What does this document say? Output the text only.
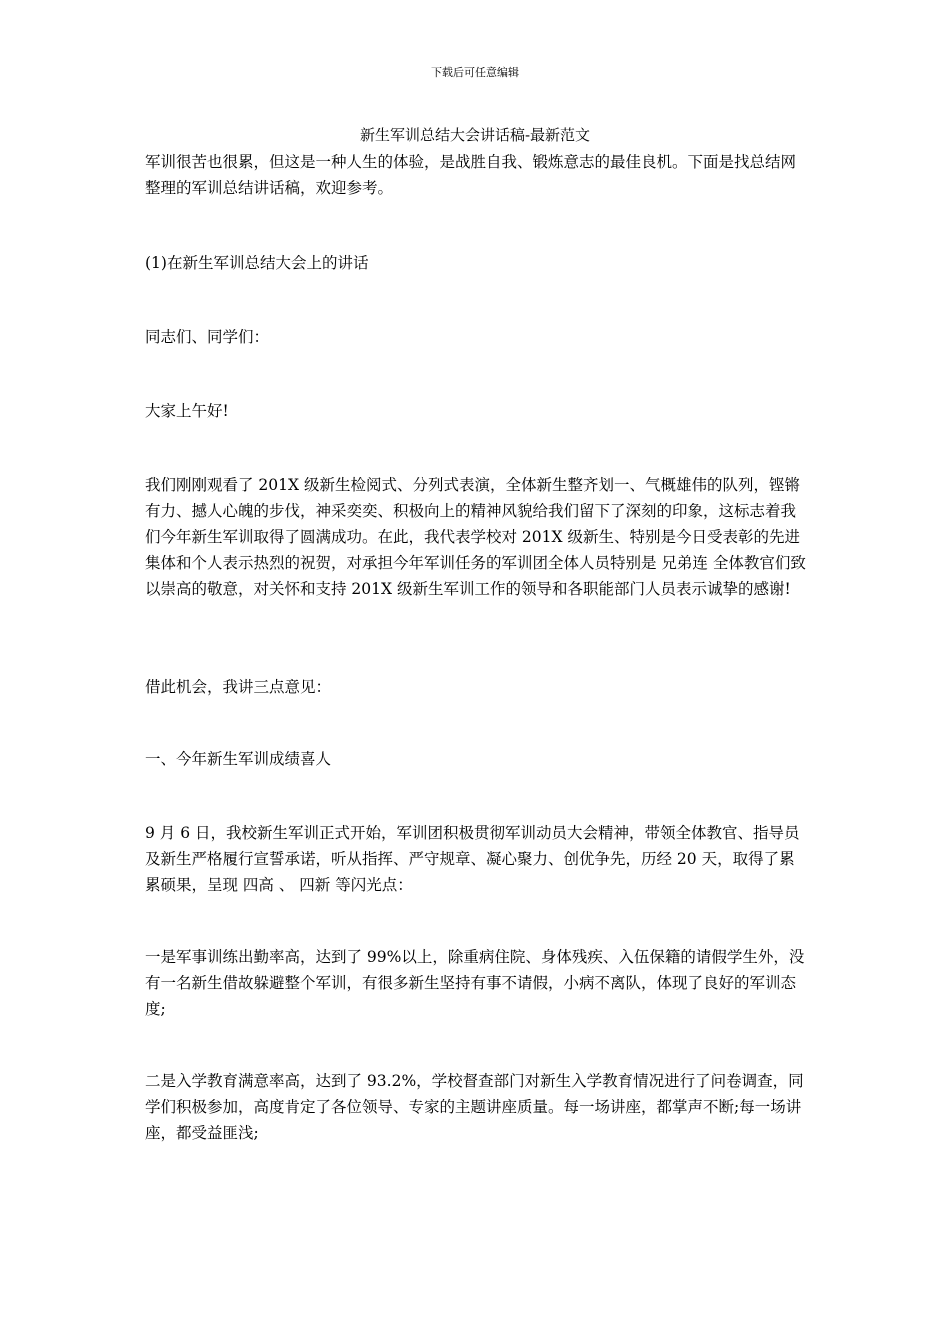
下载后可任意编辑
新生军训总结大会讲话稿-最新范文

军训很苦也很累，但这是一种人生的体验，是战胜自我、锻炼意志的最佳良机。下面是找总结网整理的军训总结讲话稿，欢迎参考。

(1)在新生军训总结大会上的讲话

同志们、同学们：

大家上午好!

我们刚刚观看了 201X 级新生检阅式、分列式表演，全体新生整齐划一、气概雄伟的队列，铿锵有力、撼人心魄的步伐，神采奕奕、积极向上的精神风貌给我们留下了深刻的印象，这标志着我们今年新生军训取得了圆满成功。在此，我代表学校对 201X 级新生、特别是今日受表彰的先进集体和个人表示热烈的祝贺，对承担今年军训任务的军训团全体人员特别是 兄弟连 全体教官们致以崇高的敬意，对关怀和支持 201X 级新生军训工作的领导和各职能部门人员表示诚挚的感谢!

借此机会，我讲三点意见：

一、今年新生军训成绩喜人

9 月 6 日，我校新生军训正式开始，军训团积极贯彻军训动员大会精神，带领全体教官、指导员及新生严格履行宣誓承诺，听从指挥、严守规章、凝心聚力、创优争先，历经 20 天，取得了累累硕果，呈现 四高 、 四新 等闪光点：

一是军事训练出勤率高，达到了 99%以上，除重病住院、身体残疾、入伍保籍的请假学生外，没有一名新生借故躲避整个军训，有很多新生坚持有事不请假，小病不离队，体现了良好的军训态度;

二是入学教育满意率高，达到了 93.2%，学校督查部门对新生入学教育情况进行了问卷调查，同学们积极参加，高度肯定了各位领导、专家的主题讲座质量。每一场讲座，都掌声不断;每一场讲座，都受益匪浅;
